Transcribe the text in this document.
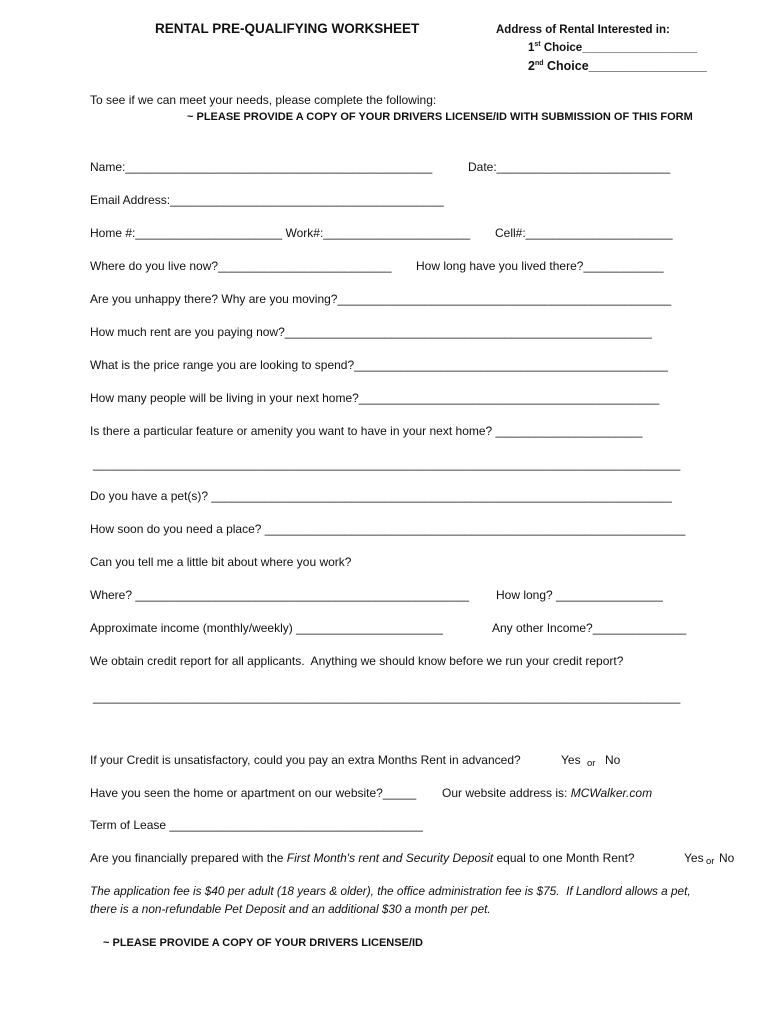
RENTAL PRE-QUALIFYING WORKSHEET	Address of Rental Interested in:
1st Choice__________________
2nd Choice_________________
To see if we can meet your needs, please complete the following:
~ PLEASE PROVIDE A COPY OF YOUR DRIVERS LICENSE/ID WITH SUBMISSION OF THIS FORM
Name:______________________________________________	Date:__________________________
Email Address:_________________________________________
Home #:______________________ Work#:______________________ Cell#:______________________
Where do you live now?__________________________ How long have you lived there?____________
Are you unhappy there? Why are you moving?__________________________________________________
How much rent are you paying now?_______________________________________________________
What is the price range you are looking to spend?_______________________________________________
How many people will be living in your next home?_____________________________________________
Is there a particular feature or amenity you want to have in your next home? ______________________
________________________________________________________________________________________
Do you have a pet(s)? _____________________________________________________________________
How soon do you need a place? _______________________________________________________________
Can you tell me a little bit about where you work?
Where? __________________________________________________ How long? ________________
Approximate income (monthly/weekly) ______________________	Any other Income?______________
We obtain credit report for all applicants.  Anything we should know before we run your credit report?
________________________________________________________________________________________
If your Credit is unsatisfactory, could you pay an extra Months Rent in advanced?	Yes or No
Have you seen the home or apartment on our website?_____ Our website address is: MCWalker.com
Term of Lease ______________________________________
Are you financially prepared with the First Month's rent and Security Deposit equal to one Month Rent?	Yes or No
The application fee is $40 per adult (18 years & older), the office administration fee is $75.  If Landlord allows a pet,
there is a non-refundable Pet Deposit and an additional $30 a month per pet.
~ PLEASE PROVIDE A COPY OF YOUR DRIVERS LICENSE/ID
